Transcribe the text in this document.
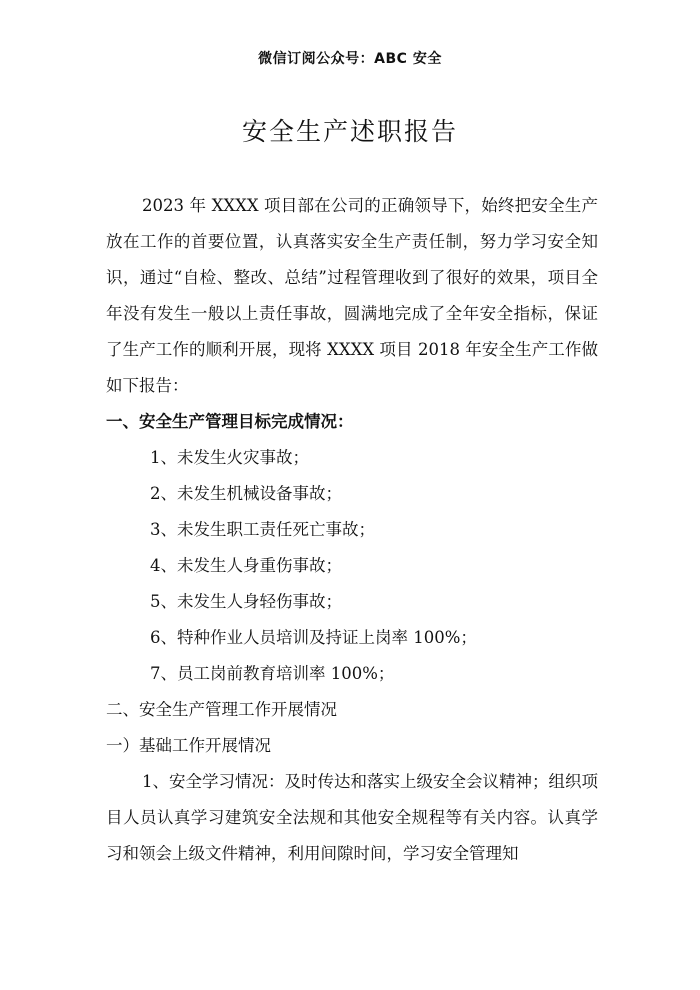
微信订阅公众号：ABC 安全
安全生产述职报告

2023 年 XXXX 项目部在公司的正确领导下，始终把安全生产放在工作的首要位置，认真落实安全生产责任制，努力学习安全知识，通过“自检、整改、总结”过程管理收到了很好的效果，项目全年没有发生一般以上责任事故，圆满地完成了全年安全指标，保证了生产工作的顺利开展，现将 XXXX 项目 2018 年安全生产工作做如下报告：

一、安全生产管理目标完成情况：

1、未发生火灾事故；

2、未发生机械设备事故；

3、未发生职工责任死亡事故；

4、未发生人身重伤事故；

5、未发生人身轻伤事故；

6、特种作业人员培训及持证上岗率 100%；

7、员工岗前教育培训率 100%；

二、安全生产管理工作开展情况

一）基础工作开展情况

1、安全学习情况：及时传达和落实上级安全会议精神；组织项目人员认真学习建筑安全法规和其他安全规程等有关内容。认真学习和领会上级文件精神，利用间隙时间，学习安全管理知
